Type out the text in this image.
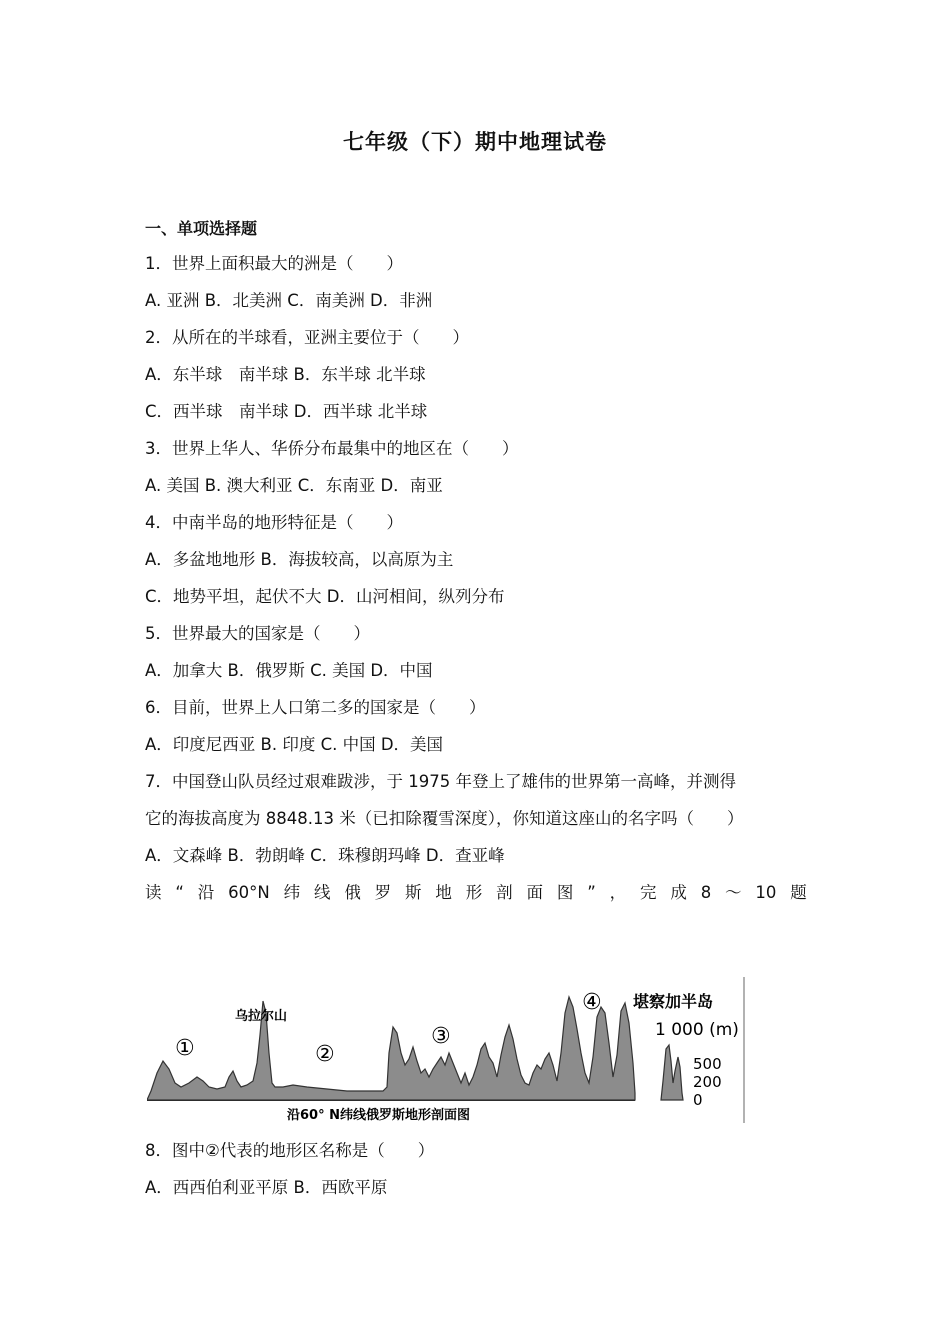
七年级（下）期中地理试卷
一、单项选择题
1．世界上面积最大的洲是（　　）
A. 亚洲 B．北美洲 C．南美洲 D．非洲
2．从所在的半球看，亚洲主要位于（　　）
A．东半球　南半球 B．东半球 北半球
C．西半球　南半球 D．西半球 北半球
3．世界上华人、华侨分布最集中的地区在（　　）
A. 美国 B. 澳大利亚 C．东南亚 D．南亚
4．中南半岛的地形特征是（　　）
A．多盆地地形 B．海拔较高，以高原为主
C．地势平坦，起伏不大 D．山河相间，纵列分布
5．世界最大的国家是（　　）
A．加拿大 B．俄罗斯 C. 美国 D．中国
6．目前，世界上人口第二多的国家是（　　）
A．印度尼西亚 B. 印度 C. 中国 D．美国
7．中国登山队员经过艰难跋涉，于 1975 年登上了雄伟的世界第一高峰，并测得
它的海拔高度为 8848.13 米（已扣除覆雪深度），你知道这座山的名字吗（　　）
A．文森峰 B．勃朗峰 C．珠穆朗玛峰 D．查亚峰
读 “ 沿 60°N 纬 线 俄 罗 斯 地 形 剖 面 图 ” ， 完 成 8 ～ 10 题
乌拉尔山
堪察加半岛
①	②
③
④
1 000 (m)
500
200
0
沿60° N纬线俄罗斯地形剖面图
8．图中②代表的地形区名称是（　　）
A．西西伯利亚平原 B．西欧平原
